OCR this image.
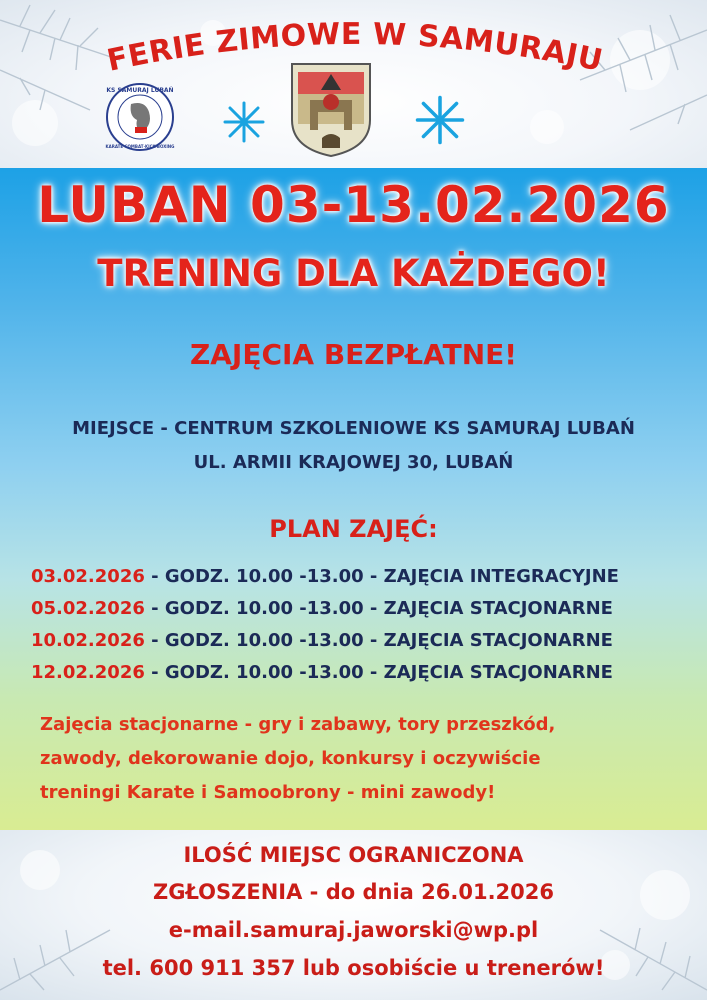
FERIE ZIMOWE W SAMURAJU
KS SAMURAJ LUBAŃ
KARATE·COMBAT·KICK-BOXING
LUBAN 03-13.02.2026
TRENING DLA KAŻDEGO!
ZAJĘCIA BEZPŁATNE!
MIEJSCE - CENTRUM SZKOLENIOWE KS SAMURAJ LUBAŃ
UL. ARMII KRAJOWEJ 30, LUBAŃ
PLAN ZAJĘĆ:
03.02.2026 - GODZ. 10.00 -13.00 - ZAJĘCIA INTEGRACYJNE
05.02.2026 - GODZ. 10.00 -13.00 - ZAJĘCIA STACJONARNE
10.02.2026 - GODZ. 10.00 -13.00 - ZAJĘCIA STACJONARNE
12.02.2026 - GODZ. 10.00 -13.00 - ZAJĘCIA STACJONARNE
Zajęcia stacjonarne - gry i zabawy, tory przeszkód,
zawody, dekorowanie dojo, konkursy i oczywiście
treningi Karate i Samoobrony - mini zawody!
ILOŚĆ MIEJSC OGRANICZONA
ZGŁOSZENIA - do dnia 26.01.2026
e-mail.samuraj.jaworski@wp.pl
tel. 600 911 357 lub osobiście u trenerów!
